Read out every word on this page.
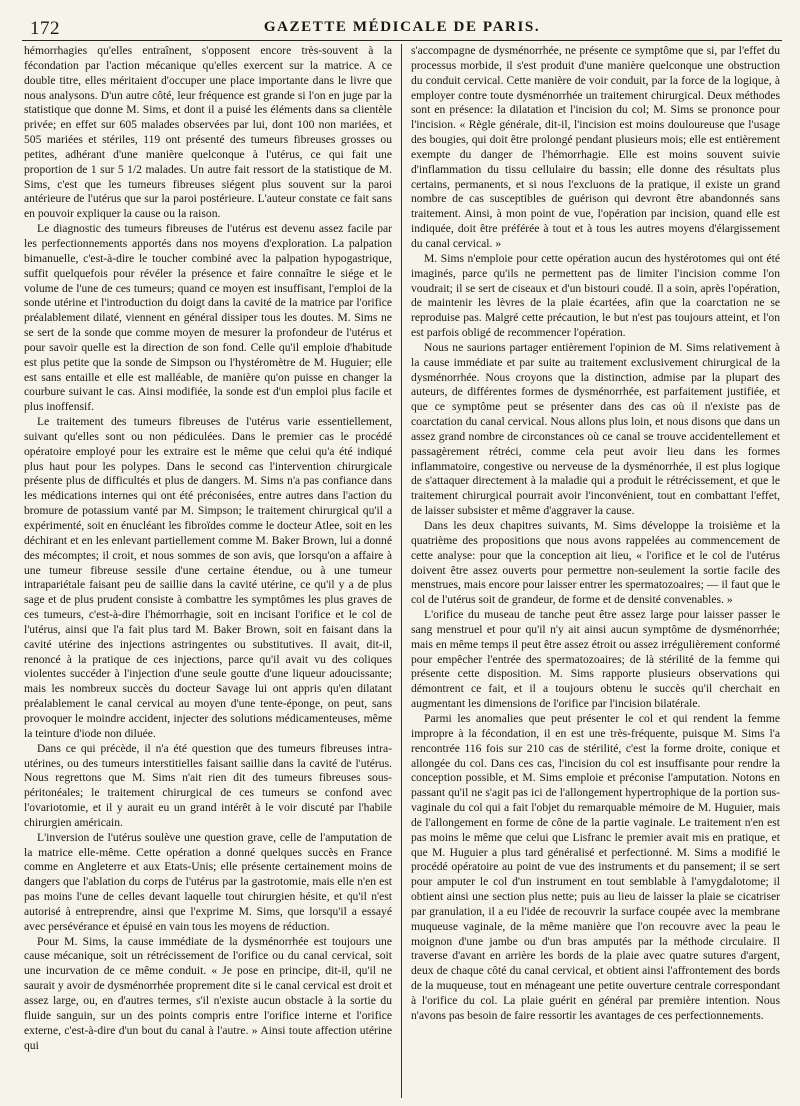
172	GAZETTE MÉDICALE DE PARIS.

hémorrhagies qu'elles entraînent, s'opposent encore très-souvent à la fécondation par l'action mécanique qu'elles exercent sur la matrice. A ce double titre, elles méritaient d'occuper une place importante dans le livre que nous analysons. D'un autre côté, leur fréquence est grande si l'on en juge par la statistique que donne M. Sims, et dont il a puisé les éléments dans sa clientèle privée; en effet sur 605 malades observées par lui, dont 100 non mariées, et 505 mariées et stériles, 119 ont présenté des tumeurs fibreuses grosses ou petites, adhérant d'une manière quelconque à l'utérus, ce qui fait une proportion de 1 sur 5 1/2 malades. Un autre fait ressort de la statistique de M. Sims, c'est que les tumeurs fibreuses siégent plus souvent sur la paroi antérieure de l'utérus que sur la paroi postérieure. L'auteur constate ce fait sans en pouvoir expliquer la cause ou la raison.

Le diagnostic des tumeurs fibreuses de l'utérus est devenu assez facile par les perfectionnements apportés dans nos moyens d'exploration. La palpation bimanuelle, c'est-à-dire le toucher combiné avec la palpation hypogastrique, suffit quelquefois pour révéler la présence et faire connaître le siége et le volume de l'une de ces tumeurs; quand ce moyen est insuffisant, l'emploi de la sonde utérine et l'introduction du doigt dans la cavité de la matrice par l'orifice préalablement dilaté, viennent en général dissiper tous les doutes. M. Sims ne se sert de la sonde que comme moyen de mesurer la profondeur de l'utérus et pour savoir quelle est la direction de son fond. Celle qu'il emploie d'habitude est plus petite que la sonde de Simpson ou l'hystéromètre de M. Huguier; elle est sans entaille et elle est malléable, de manière qu'on puisse en changer la courbure suivant le cas. Ainsi modifiée, la sonde est d'un emploi plus facile et plus inoffensif.

Le traitement des tumeurs fibreuses de l'utérus varie essentiellement, suivant qu'elles sont ou non pédiculées. Dans le premier cas le procédé opératoire employé pour les extraire est le même que celui qu'a été indiqué plus haut pour les polypes. Dans le second cas l'intervention chirurgicale présente plus de difficultés et plus de dangers. M. Sims n'a pas confiance dans les médications internes qui ont été préconisées, entre autres dans l'action du bromure de potassium vanté par M. Simpson; le traitement chirurgical qu'il a expérimenté, soit en énucléant les fibroïdes comme le docteur Atlee, soit en les déchirant et en les enlevant partiellement comme M. Baker Brown, lui a donné des mécomptes; il croit, et nous sommes de son avis, que lorsqu'on a affaire à une tumeur fibreuse sessile d'une certaine étendue, ou à une tumeur intrapariétale faisant peu de saillie dans la cavité utérine, ce qu'il y a de plus sage et de plus prudent consiste à combattre les symptômes les plus graves de ces tumeurs, c'est-à-dire l'hémorrhagie, soit en incisant l'orifice et le col de l'utérus, ainsi que l'a fait plus tard M. Baker Brown, soit en faisant dans la cavité utérine des injections astringentes ou substitutives. Il avait, dit-il, renoncé à la pratique de ces injections, parce qu'il avait vu des coliques violentes succéder à l'injection d'une seule goutte d'une liqueur adoucissante; mais les nombreux succès du docteur Savage lui ont appris qu'en dilatant préalablement le canal cervical au moyen d'une tente-éponge, on peut, sans provoquer le moindre accident, injecter des solutions médicamenteuses, même la teinture d'iode non diluée.

Dans ce qui précède, il n'a été question que des tumeurs fibreuses intra-utérines, ou des tumeurs interstitielles faisant saillie dans la cavité de l'utérus. Nous regrettons que M. Sims n'ait rien dit des tumeurs fibreuses sous-péritonéales; le traitement chirurgical de ces tumeurs se confond avec l'ovariotomie, et il y aurait eu un grand intérêt à le voir discuté par l'habile chirurgien américain.

L'inversion de l'utérus soulève une question grave, celle de l'amputation de la matrice elle-même. Cette opération a donné quelques succès en France comme en Angleterre et aux Etats-Unis; elle présente certainement moins de dangers que l'ablation du corps de l'utérus par la gastrotomie, mais elle n'en est pas moins l'une de celles devant laquelle tout chirurgien hésite, et qu'il n'est autorisé à entreprendre, ainsi que l'exprime M. Sims, que lorsqu'il a essayé avec persévérance et épuisé en vain tous les moyens de réduction.

Pour M. Sims, la cause immédiate de la dysménorrhée est toujours une cause mécanique, soit un rétrécissement de l'orifice ou du canal cervical, soit une incurvation de ce même conduit. « Je pose en principe, dit-il, qu'il ne saurait y avoir de dysménorrhée proprement dite si le canal cervical est droit et assez large, ou, en d'autres termes, s'il n'existe aucun obstacle à la sortie du fluide sanguin, sur un des points compris entre l'orifice interne et l'orifice externe, c'est-à-dire d'un bout du canal à l'autre. » Ainsi toute affection utérine qui

s'accompagne de dysménorrhée, ne présente ce symptôme que si, par l'effet du processus morbide, il s'est produit d'une manière quelconque une obstruction du conduit cervical. Cette manière de voir conduit, par la force de la logique, à employer contre toute dysménorrhée un traitement chirurgical. Deux méthodes sont en présence: la dilatation et l'incision du col; M. Sims se prononce pour l'incision. « Règle générale, dit-il, l'incision est moins douloureuse que l'usage des bougies, qui doit être prolongé pendant plusieurs mois; elle est entièrement exempte du danger de l'hémorrhagie. Elle est moins souvent suivie d'inflammation du tissu cellulaire du bassin; elle donne des résultats plus certains, permanents, et si nous l'excluons de la pratique, il existe un grand nombre de cas susceptibles de guérison qui devront être abandonnés sans traitement. Ainsi, à mon point de vue, l'opération par incision, quand elle est indiquée, doit être préférée à tout et à tous les autres moyens d'élargissement du canal cervical. »

M. Sims n'emploie pour cette opération aucun des hystérotomes qui ont été imaginés, parce qu'ils ne permettent pas de limiter l'incision comme l'on voudrait; il se sert de ciseaux et d'un bistouri coudé. Il a soin, après l'opération, de maintenir les lèvres de la plaie écartées, afin que la coarctation ne se reproduise pas. Malgré cette précaution, le but n'est pas toujours atteint, et l'on est parfois obligé de recommencer l'opération.

Nous ne saurions partager entièrement l'opinion de M. Sims relativement à la cause immédiate et par suite au traitement exclusivement chirurgical de la dysménorrhée. Nous croyons que la distinction, admise par la plupart des auteurs, de différentes formes de dysménorrhée, est parfaitement justifiée, et que ce symptôme peut se présenter dans des cas où il n'existe pas de coarctation du canal cervical. Nous allons plus loin, et nous disons que dans un assez grand nombre de circonstances où ce canal se trouve accidentellement et passagèrement rétréci, comme cela peut avoir lieu dans les formes inflammatoire, congestive ou nerveuse de la dysménorrhée, il est plus logique de s'attaquer directement à la maladie qui a produit le rétrécissement, et que le traitement chirurgical pourrait avoir l'inconvénient, tout en combattant l'effet, de laisser subsister et même d'aggraver la cause.

Dans les deux chapitres suivants, M. Sims développe la troisième et la quatrième des propositions que nous avons rappelées au commencement de cette analyse: pour que la conception ait lieu, « l'orifice et le col de l'utérus doivent être assez ouverts pour permettre non-seulement la sortie facile des menstrues, mais encore pour laisser entrer les spermatozoaires; — il faut que le col de l'utérus soit de grandeur, de forme et de densité convenables. »

L'orifice du museau de tanche peut être assez large pour laisser passer le sang menstruel et pour qu'il n'y ait ainsi aucun symptôme de dysménorrhée; mais en même temps il peut être assez étroit ou assez irrégulièrement conformé pour empêcher l'entrée des spermatozoaires; de là stérilité de la femme qui présente cette disposition. M. Sims rapporte plusieurs observations qui démontrent ce fait, et il a toujours obtenu le succès qu'il cherchait en augmentant les dimensions de l'orifice par l'incision bilatérale.

Parmi les anomalies que peut présenter le col et qui rendent la femme impropre à la fécondation, il en est une très-fréquente, puisque M. Sims l'a rencontrée 116 fois sur 210 cas de stérilité, c'est la forme droite, conique et allongée du col. Dans ces cas, l'incision du col est insuffisante pour rendre la conception possible, et M. Sims emploie et préconise l'amputation. Notons en passant qu'il ne s'agit pas ici de l'allongement hypertrophique de la portion sus-vaginale du col qui a fait l'objet du remarquable mémoire de M. Huguier, mais de l'allongement en forme de cône de la partie vaginale. Le traitement n'en est pas moins le même que celui que Lisfranc le premier avait mis en pratique, et que M. Huguier a plus tard généralisé et perfectionné. M. Sims a modifié le procédé opératoire au point de vue des instruments et du pansement; il se sert pour amputer le col d'un instrument en tout semblable à l'amygdalotome; il obtient ainsi une section plus nette; puis au lieu de laisser la plaie se cicatriser par granulation, il a eu l'idée de recouvrir la surface coupée avec la membrane muqueuse vaginale, de la même manière que l'on recouvre avec la peau le moignon d'une jambe ou d'un bras amputés par la méthode circulaire. Il traverse d'avant en arrière les bords de la plaie avec quatre sutures d'argent, deux de chaque côté du canal cervical, et obtient ainsi l'affrontement des bords de la muqueuse, tout en ménageant une petite ouverture centrale correspondant à l'orifice du col. La plaie guérit en général par première intention. Nous n'avons pas besoin de faire ressortir les avantages de ces perfectionnements.
